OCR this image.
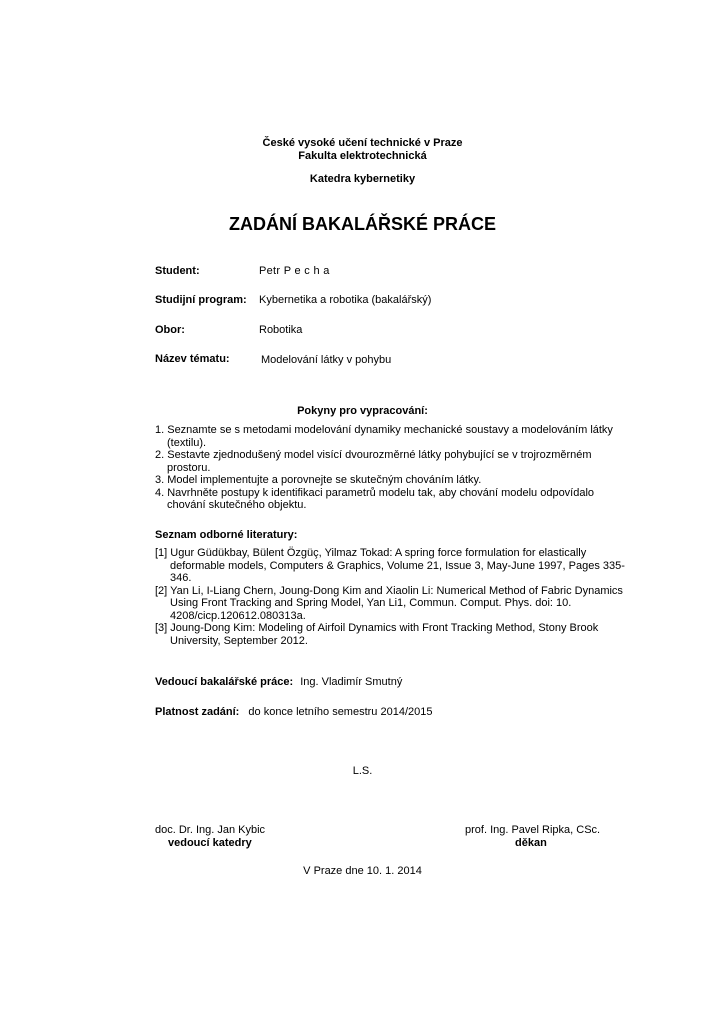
České vysoké učení technické v Praze
Fakulta elektrotechnická
Katedra kybernetiky
ZADÁNÍ BAKALÁŘSKÉ PRÁCE
Student:	Petr P e c h a
Studijní program: Kybernetika a robotika (bakalářský)
Obor:	Robotika
Název tématu:	Modelování látky v pohybu
Pokyny pro vypracování:
1. Seznamte se s metodami modelování dynamiky mechanické soustavy a modelováním látky (textilu).
2. Sestavte zjednodušený model visící dvourozměrné látky pohybující se v trojrozměrném prostoru.
3. Model implementujte a porovnejte se skutečným chováním látky.
4. Navrhněte postupy k identifikaci parametrů modelu tak, aby chování modelu odpovídalo chování skutečného objektu.
Seznam odborné literatury:
[1] Ugur Güdükbay, Bülent Özgüç, Yilmaz Tokad: A spring force formulation for elastically deformable models, Computers & Graphics, Volume 21, Issue 3, May-June 1997, Pages 335-346.
[2] Yan Li, I-Liang Chern, Joung-Dong Kim and Xiaolin Li: Numerical Method of Fabric Dynamics Using Front Tracking and Spring Model, Yan Li1, Commun. Comput. Phys. doi: 10. 4208/cicp.120612.080313a.
[3] Joung-Dong Kim: Modeling of Airfoil Dynamics with Front Tracking Method, Stony Brook University, September 2012.
Vedoucí bakalářské práce: Ing. Vladimír Smutný
Platnost zadání: do konce letního semestru 2014/2015
L.S.
doc. Dr. Ing. Jan Kybic
vedoucí katedry
prof. Ing. Pavel Ripka, CSc.
děkan
V Praze dne 10. 1. 2014
